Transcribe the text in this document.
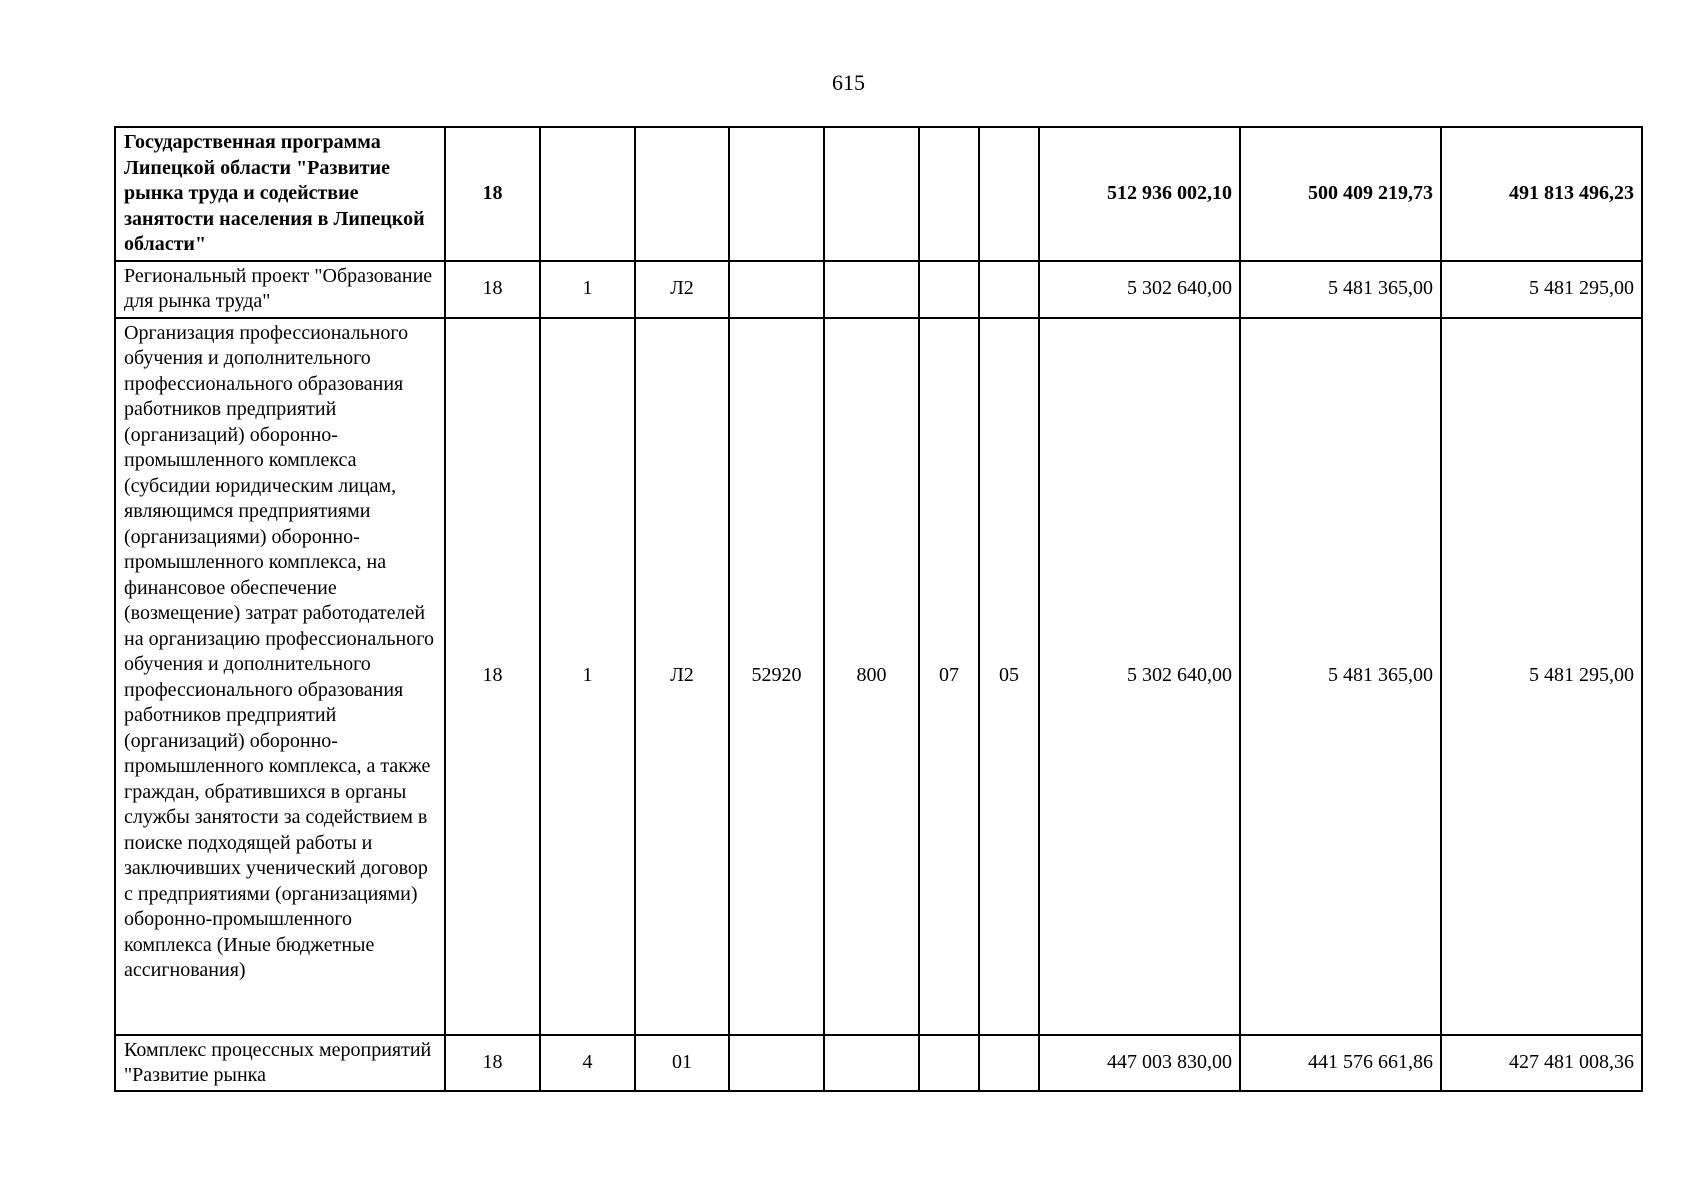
615
Государственная программа Липецкой области "Развитие рынка труда и содействие занятости населения в Липецкой области"	18							512 936 002,10	500 409 219,73	491 813 496,23
Региональный проект "Образование для рынка труда"	18	1	Л2					5 302 640,00	5 481 365,00	5 481 295,00
Организация профессионального обучения и дополнительного профессионального образования работников предприятий (организаций) оборонно-промышленного комплекса (субсидии юридическим лицам, являющимся предприятиями (организациями) оборонно-промышленного комплекса, на финансовое обеспечение (возмещение) затрат работодателей на организацию профессионального обучения и дополнительного профессионального образования работников предприятий (организаций) оборонно-промышленного комплекса, а также граждан, обратившихся в органы службы занятости за содействием в поиске подходящей работы и заключивших ученический договор с предприятиями (организациями) оборонно-промышленного комплекса (Иные бюджетные ассигнования)	18	1	Л2	52920	800	07	05	5 302 640,00	5 481 365,00	5 481 295,00

Комплекс процессных мероприятий "Развитие рынка	18	4	01					447 003 830,00	441 576 661,86	427 481 008,36
